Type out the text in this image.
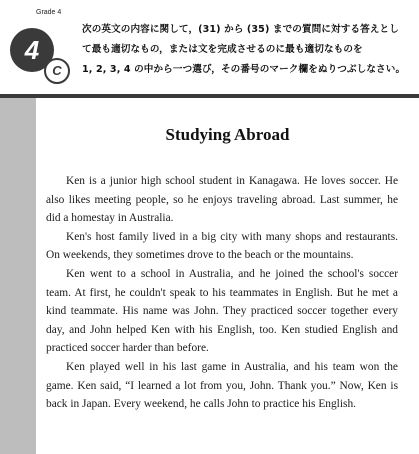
Grade 4
4
C
次の英文の内容に関して，(31) から (35) までの質問に対する答えとし
て最も適切なもの，または文を完成させるのに最も適切なものを
1, 2, 3, 4 の中から一つ選び，その番号のマーク欄をぬりつぶしなさい。
Studying Abroad

Ken is a junior high school student in Kanagawa. He loves soccer. He also likes meeting people, so he enjoys traveling abroad. Last summer, he did a homestay in Australia.

Ken's host family lived in a big city with many shops and restaurants. On weekends, they sometimes drove to the beach or the mountains.

Ken went to a school in Australia, and he joined the school's soccer team. At first, he couldn't speak to his teammates in English. But he met a kind teammate. His name was John. They practiced soccer together every day, and John helped Ken with his English, too. Ken studied English and practiced soccer harder than before.

Ken played well in his last game in Australia, and his team won the game. Ken said, “I learned a lot from you, John. Thank you.” Now, Ken is back in Japan. Every weekend, he calls John to practice his English.
